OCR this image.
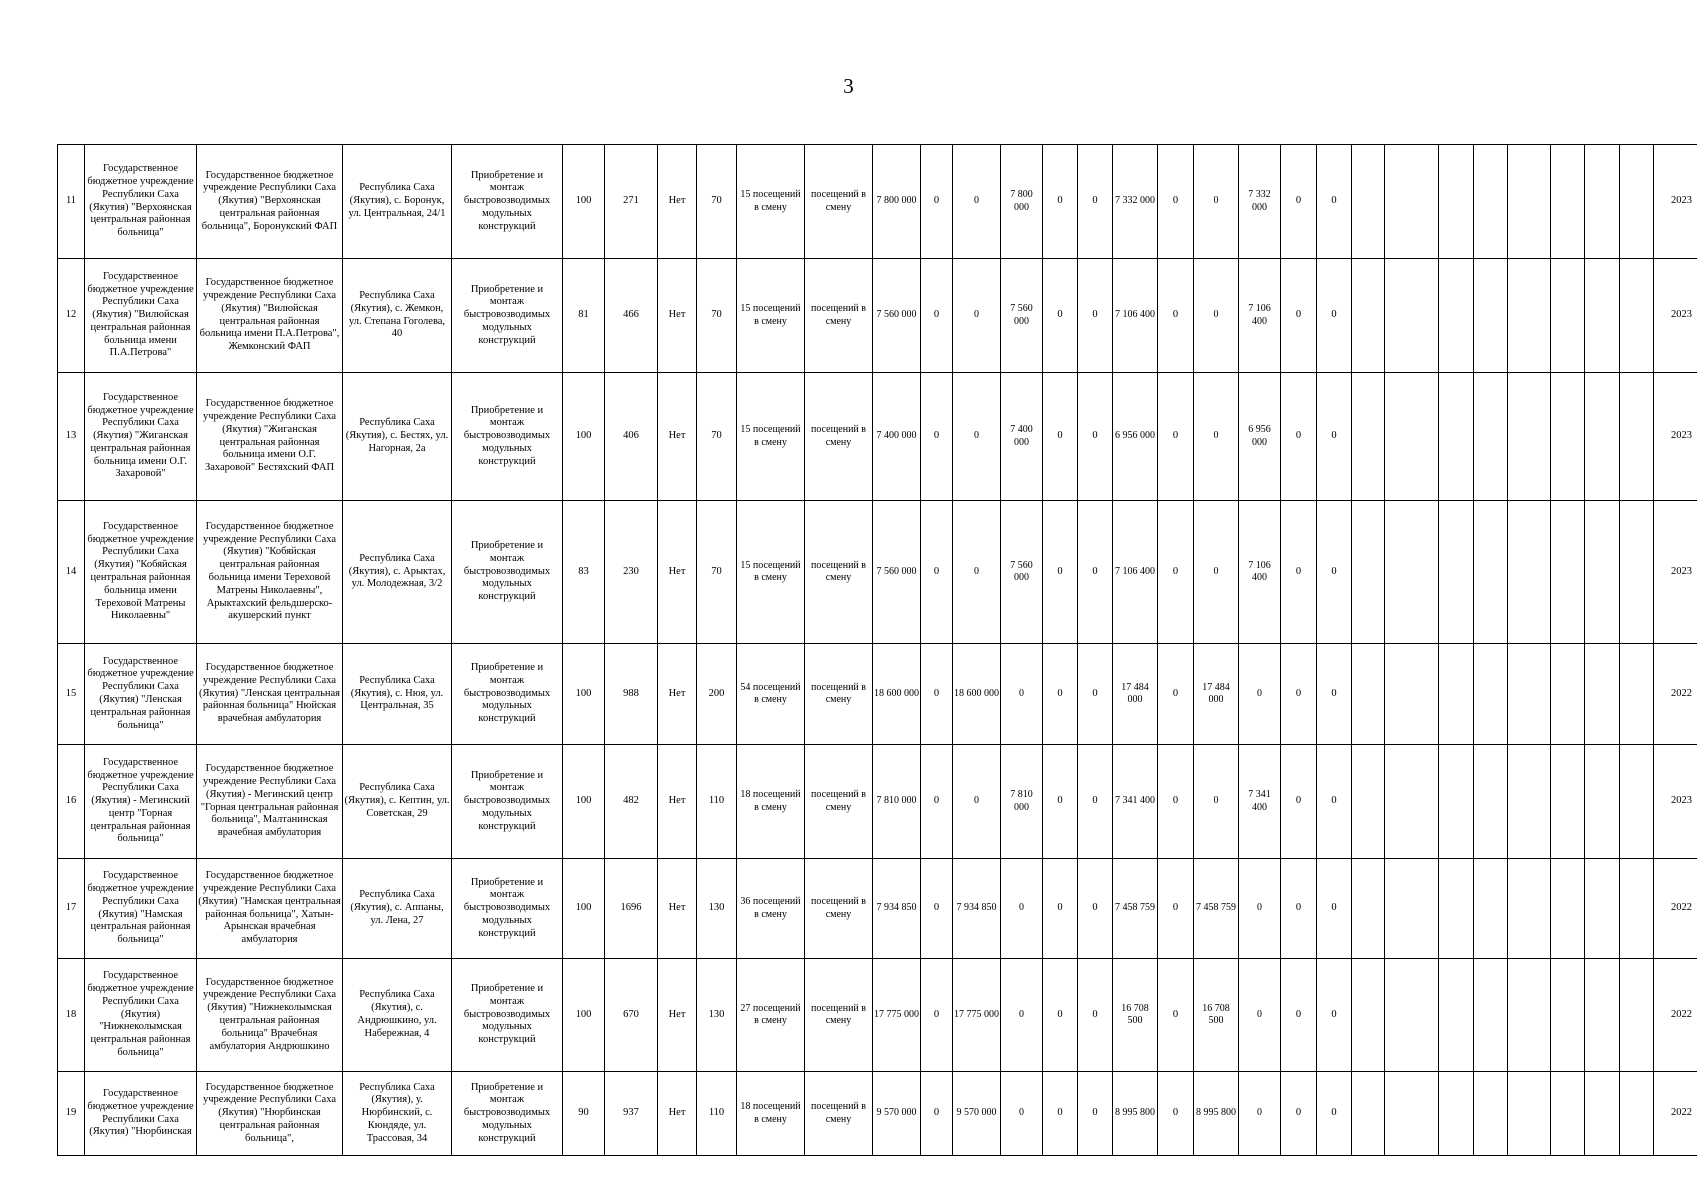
3
11	Государственное бюджетное учреждение Республики Саха (Якутия) "Верхоянская центральная районная больница"	Государственное бюджетное учреждение Республики Саха (Якутия) "Верхоянская центральная районная больница", Боронукский ФАП	Республика Саха (Якутия), с. Боронук, ул. Центральная, 24/1	Приобретение и монтаж быстровозводимых модульных конструкций	100	271	Нет	70	15 посещений в смену	посещений в смену	7 800 000	0	0	7 800 000	0	0	7 332 000	0	0	7 332 000	0	0									2023
12	Государственное бюджетное учреждение Республики Саха (Якутия) "Вилюйская центральная районная больница имени П.А.Петрова"	Государственное бюджетное учреждение Республики Саха (Якутия) "Вилюйская центральная районная больница имени П.А.Петрова", Жемконский ФАП	Республика Саха (Якутия), с. Жемкон, ул. Степана Гоголева, 40	Приобретение и монтаж быстровозводимых модульных конструкций	81	466	Нет	70	15 посещений в смену	посещений в смену	7 560 000	0	0	7 560 000	0	0	7 106 400	0	0	7 106 400	0	0									2023
13	Государственное бюджетное учреждение Республики Саха (Якутия) "Жиганская центральная районная больница имени О.Г. Захаровой"	Государственное бюджетное учреждение Республики Саха (Якутия) "Жиганская центральная районная больница имени О.Г. Захаровой" Бестяхский ФАП	Республика Саха (Якутия), с. Бестях, ул. Нагорная, 2а	Приобретение и монтаж быстровозводимых модульных конструкций	100	406	Нет	70	15 посещений в смену	посещений в смену	7 400 000	0	0	7 400 000	0	0	6 956 000	0	0	6 956 000	0	0									2023
14	Государственное бюджетное учреждение Республики Саха (Якутия) "Кобяйская центральная районная больница имени Тереховой Матрены Николаевны"	Государственное бюджетное учреждение Республики Саха (Якутия) "Кобяйская центральная районная больница имени Тереховой Матрены Николаевны", Арыктахский фельдшерско-акушерский пункт	Республика Саха (Якутия), с. Арыктах, ул. Молодежная, 3/2	Приобретение и монтаж быстровозводимых модульных конструкций	83	230	Нет	70	15 посещений в смену	посещений в смену	7 560 000	0	0	7 560 000	0	0	7 106 400	0	0	7 106 400	0	0									2023
15	Государственное бюджетное учреждение Республики Саха (Якутия) "Ленская центральная районная больница"	Государственное бюджетное учреждение Республики Саха (Якутия) "Ленская центральная районная больница" Нюйская врачебная амбулатория	Республика Саха (Якутия), с. Нюя, ул. Центральная, 35	Приобретение и монтаж быстровозводимых модульных конструкций	100	988	Нет	200	54 посещений в смену	посещений в смену	18 600 000	0	18 600 000	0	0	0	17 484 000	0	17 484 000	0	0	0									2022
16	Государственное бюджетное учреждение Республики Саха (Якутия) - Мегинский центр "Горная центральная районная больница"	Государственное бюджетное учреждение Республики Саха (Якутия) - Мегинский центр "Горная центральная районная больница", Малтанинская врачебная амбулатория	Республика Саха (Якутия), с. Кептин, ул. Советская, 29	Приобретение и монтаж быстровозводимых модульных конструкций	100	482	Нет	110	18 посещений в смену	посещений в смену	7 810 000	0	0	7 810 000	0	0	7 341 400	0	0	7 341 400	0	0									2023
17	Государственное бюджетное учреждение Республики Саха (Якутия) "Намская центральная районная больница"	Государственное бюджетное учреждение Республики Саха (Якутия) "Намская центральная районная больница", Хатын-Арынская врачебная амбулатория	Республика Саха (Якутия), с. Аппаны, ул. Лена, 27	Приобретение и монтаж быстровозводимых модульных конструкций	100	1696	Нет	130	36 посещений в смену	посещений в смену	7 934 850	0	7 934 850	0	0	0	7 458 759	0	7 458 759	0	0	0									2022
18	Государственное бюджетное учреждение Республики Саха (Якутия) "Нижнеколымская центральная районная больница"	Государственное бюджетное учреждение Республики Саха (Якутия) "Нижнеколымская центральная районная больница" Врачебная амбулатория Андрюшкино	Республика Саха (Якутия), с. Андрюшкино, ул. Набережная, 4	Приобретение и монтаж быстровозводимых модульных конструкций	100	670	Нет	130	27 посещений в смену	посещений в смену	17 775 000	0	17 775 000	0	0	0	16 708 500	0	16 708 500	0	0	0									2022
19	Государственное бюджетное учреждение Республики Саха (Якутия) "Нюрбинская	Государственное бюджетное учреждение Республики Саха (Якутия) "Нюрбинская центральная районная больница",	Республика Саха (Якутия), у. Нюрбинский, с. Кюндяде, ул. Трассовая, 34	Приобретение и монтаж быстровозводимых модульных конструкций	90	937	Нет	110	18 посещений в смену	посещений в смену	9 570 000	0	9 570 000	0	0	0	8 995 800	0	8 995 800	0	0	0									2022
